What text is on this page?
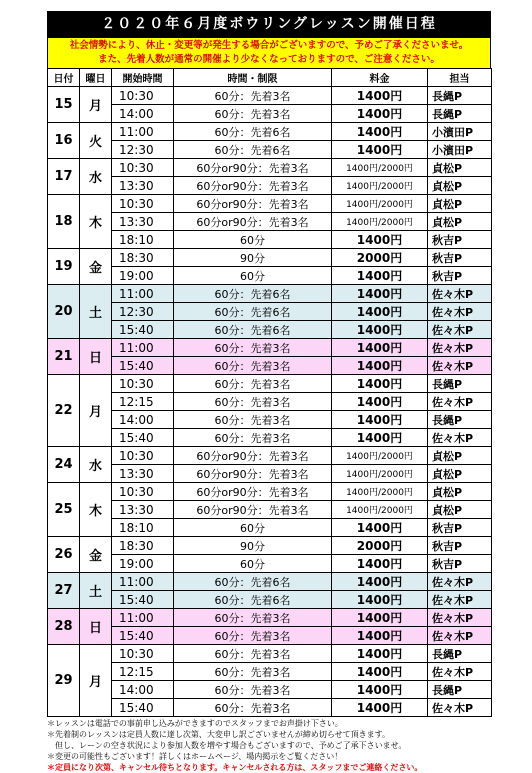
２０２０年６月度ボウリングレッスン開催日程
社会情勢により、休止・変更等が発生する場合がございますので、予めご了承くださいませ。
また、先着人数が通常の開催より少なくなっておりますので、ご注意ください。
日付	曜日	開始時間	時間・制限	料金	担当
15	月	10:30	60分：先着3名	1400円	長縄P
		14:00	60分：先着3名	1400円	長縄P
16	火	11:00	60分：先着6名	1400円	小濱田P
		12:30	60分：先着6名	1400円	小濱田P
17	水	10:30	60分or90分：先着3名	1400円/2000円	貞松P
		13:30	60分or90分：先着3名	1400円/2000円	貞松P
18	木	10:30	60分or90分：先着3名	1400円/2000円	貞松P
		13:30	60分or90分：先着3名	1400円/2000円	貞松P
		18:10	60分	1400円	秋吉P
19	金	18:30	90分	2000円	秋吉P
		19:00	60分	1400円	秋吉P
20	土	11:00	60分：先着6名	1400円	佐々木P
		12:30	60分：先着6名	1400円	佐々木P
		15:40	60分：先着6名	1400円	佐々木P
21	日	11:00	60分：先着3名	1400円	佐々木P
		15:40	60分：先着3名	1400円	佐々木P
22	月	10:30	60分：先着3名	1400円	長縄P
		12:15	60分：先着3名	1400円	佐々木P
		14:00	60分：先着3名	1400円	長縄P
		15:40	60分：先着3名	1400円	佐々木P
24	水	10:30	60分or90分：先着3名	1400円/2000円	貞松P
		13:30	60分or90分：先着3名	1400円/2000円	貞松P
25	木	10:30	60分or90分：先着3名	1400円/2000円	貞松P
		13:30	60分or90分：先着3名	1400円/2000円	貞松P
		18:10	60分	1400円	秋吉P
26	金	18:30	90分	2000円	秋吉P
		19:00	60分	1400円	秋吉P
27	土	11:00	60分：先着6名	1400円	佐々木P
		15:40	60分：先着6名	1400円	佐々木P
28	日	11:00	60分：先着3名	1400円	佐々木P
		15:40	60分：先着3名	1400円	佐々木P
29	月	10:30	60分：先着3名	1400円	長縄P
		12:15	60分：先着3名	1400円	佐々木P
		14:00	60分：先着3名	1400円	長縄P
		15:40	60分：先着3名	1400円	佐々木P
＊レッスンは電話での事前申し込みができますのでスタッフまでお声掛け下さい。
＊先着制のレッスンは定員人数に達し次第、大変申し訳ございませんが締め切らせて頂きます。
　但し、レーンの空き状況により参加人数を増やす場合もございますので、予めご了承下さいませ。
＊変更の可能性もございます！詳しくはホームページ、場内掲示をご覧ください！
＊定員になり次第、キャンセル待ちとなります。キャンセルされる方は、スタッフまでご連絡ください。
